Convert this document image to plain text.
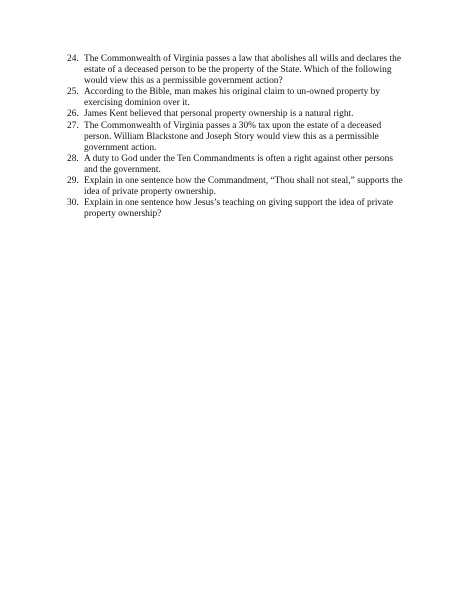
24. The Commonwealth of Virginia passes a law that abolishes all wills and declares the estate of a deceased person to be the property of the State. Which of the following would view this as a permissible government action?
25. According to the Bible, man makes his original claim to un-owned property by exercising dominion over it.
26. James Kent believed that personal property ownership is a natural right.
27. The Commonwealth of Virginia passes a 30% tax upon the estate of a deceased person. William Blackstone and Joseph Story would view this as a permissible government action.
28. A duty to God under the Ten Commandments is often a right against other persons and the government.
29. Explain in one sentence how the Commandment, “Thou shall not steal,” supports the idea of private property ownership.
30. Explain in one sentence how Jesus’s teaching on giving support the idea of private property ownership?
